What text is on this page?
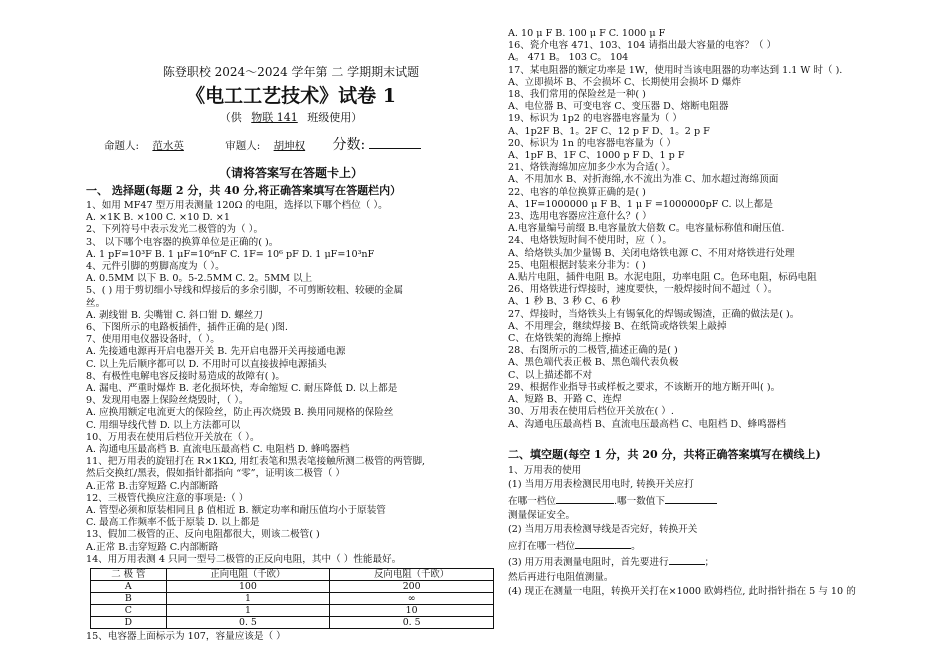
陈登职校 2024～2024 学年第 二 学期期末试题
《电工工艺技术》试卷 1
（供 物联 141 班级使用）
命题人: 范水英	审题人: 胡坤权 分数:
（请将答案写在答题卡上）
一、 选择题(每题 2 分，共 40 分,将正确答案填写在答题栏内）
1、如用 MF47 型万用表测量 120Ω 的电阻，选择以下哪个档位（ ）。
A. ×1K B. ×100 C. ×10 D. ×1
2、下列符号中表示发光二极管的为（ ）。
3、 以下哪个电容器的换算单位是正确的( )。
A. 1 pF=10³F B. 1 μF=10⁶nF C. 1F= 10⁶ pF D. 1 μF=10³nF
4、元件引脚的剪脚高度为（ ）。
A. 0.5MM 以下 B. 0。5-2.5MM C. 2。5MM 以上
5、( ) 用于剪切细小导线和焊接后的多余引脚，不可剪断较粗、较硬的金属
丝。
A. 剥线钳 B. 尖嘴钳 C. 斜口钳 D. 螺丝刀
6、下图所示的电路板插件，插件正确的是( )图.
7、使用用电仪器设备时，（ ）。
A. 先接通电源再开启电器开关 B. 先开启电器开关再接通电源
C. 以上先后顺序都可以 D. 不用时可以直接拔掉电源插头
8、有极性电解电容反接时易造成的故障有( )。
A. 漏电、严重时爆炸 B. 老化损坏快，寿命缩短 C. 耐压降低 D. 以上都是
9、发现用电器上保险丝烧毁时，（ ）。
A. 应换用额定电流更大的保险丝，防止再次烧毁 B. 换用同规格的保险丝
C. 用细导线代替 D. 以上方法都可以
10、万用表在使用后档位开关放在（ ）。
A. 沟通电压最高档 B. 直流电压最高档 C. 电阻档 D. 蜂鸣器档
11、把万用表的旋钮打在 R×1KΩ, 用红表笔和黑表笔接触所测二极管的两管脚,
然后交换红/黑表，假如指针都指向 “零”，证明该二极管（ ）
A.正常 B.击穿短路 C.内部断路
12、三极管代换应注意的事项是:（ ）
A. 管型必须和原装相同且 β 值相近 B. 额定功率和耐压值均小于原装管
C. 最高工作频率不低于原装 D. 以上都是
13、假加二极管的正、反向电阻都很大，则该二极管( )
A.正常 B.击穿短路 C.内部断路
14、用万用表测 4 只同一型号二极管的正反向电阻，其中（ ）性能最好。
二 极 管	正向电阻（千欧）	反向电阻（千欧）
A	100	200
B	1	∞
C	1	10
D	0. 5	0. 5
15、电容器上面标示为 107，容量应该是（ ）
A. 10 μ F B. 100 μ F C. 1000 μ F
16、瓷介电容 471、103、104 请指出最大容量的电容？（ ）
A。 471 B。 103 C。 104
17、某电阻器的额定功率是 1W，使用时当该电阻器的功率达到 1.1 W 时（ ).
A、立即损坏 B、不会损坏 C、长期使用会损坏 D 爆炸
18、我们常用的保险丝是一种( )
A、电位器 B、可变电容 C、变压器 D、熔断电阻器
19、标识为 1p2 的电容器电容量为（ ）
A、1p2F B、1。2F C、12 p F D、1。2 p F
20、标识为 1n 的电容器电容量为（ ）
A、1pF B、1F C、1000 p F D、1 p F
21、烙铁海绵加应加多少水为合适( ）。
A、不用加水 B、对折海绵,水不流出为准 C、加水超过海绵顶面
22、电容的单位换算正确的是( )
A、1F=1000000 μ F B、1 μ F =1000000pF C. 以上都是
23、选用电容器应注意什么？( ）
A.电容量编号前缀 B.电容量放大倍数 C。电容量标称值和耐压值.
24、电烙铁短时间不使用时，应（ ）。
A、给烙铁头加少量锡 B、关闭电烙铁电源 C、不用对烙铁进行处理
25、电阻根据封装来分非为：( )
A.贴片电阻，插件电阻 B。水泥电阻，功率电阻 C。色环电阻，标码电阻
26、用烙铁进行焊接时，速度要快，一般焊接时间不超过（ ）。
A、1 秒 B、3 秒 C、6 秒
27、焊接时，当烙铁头上有锡氧化的焊锡或锡渣，正确的做法是( )。
A、不用理会，继续焊接 B、在纸筒或烙铁架上敲掉
C、在烙铁架的海绵上擦掉
28、右图所示的二极管,描述正确的是( )
A、黑色端代表正极 B、黑色端代表负极
C、以上描述都不对
29、根据作业指导书或样板之要求，不该断开的地方断开叫( )。
A、短路 B、开路 C、连焊
30、万用表在使用后档位开关放在( ）.
A、沟通电压最高档 B、直流电压最高档 C、电阻档 D、蜂鸣器档
二、填空题(每空 1 分，共 20 分，共将正确答案填写在横线上)
1、万用表的使用
(1) 当用万用表检测民用电时, 转换开关应打
在哪一档位	.哪一数值下
测量保证安全。
(2) 当用万用表检测导线是否完好，转换开关
应打在哪一档位	。
(3) 用万用表测量电阻时，首先要进行	；
然后再进行电阻值测量。
(4) 现正在测量一电阻，转换开关打在×1000 欧姆档位, 此时指针指在 5 与 10 的
